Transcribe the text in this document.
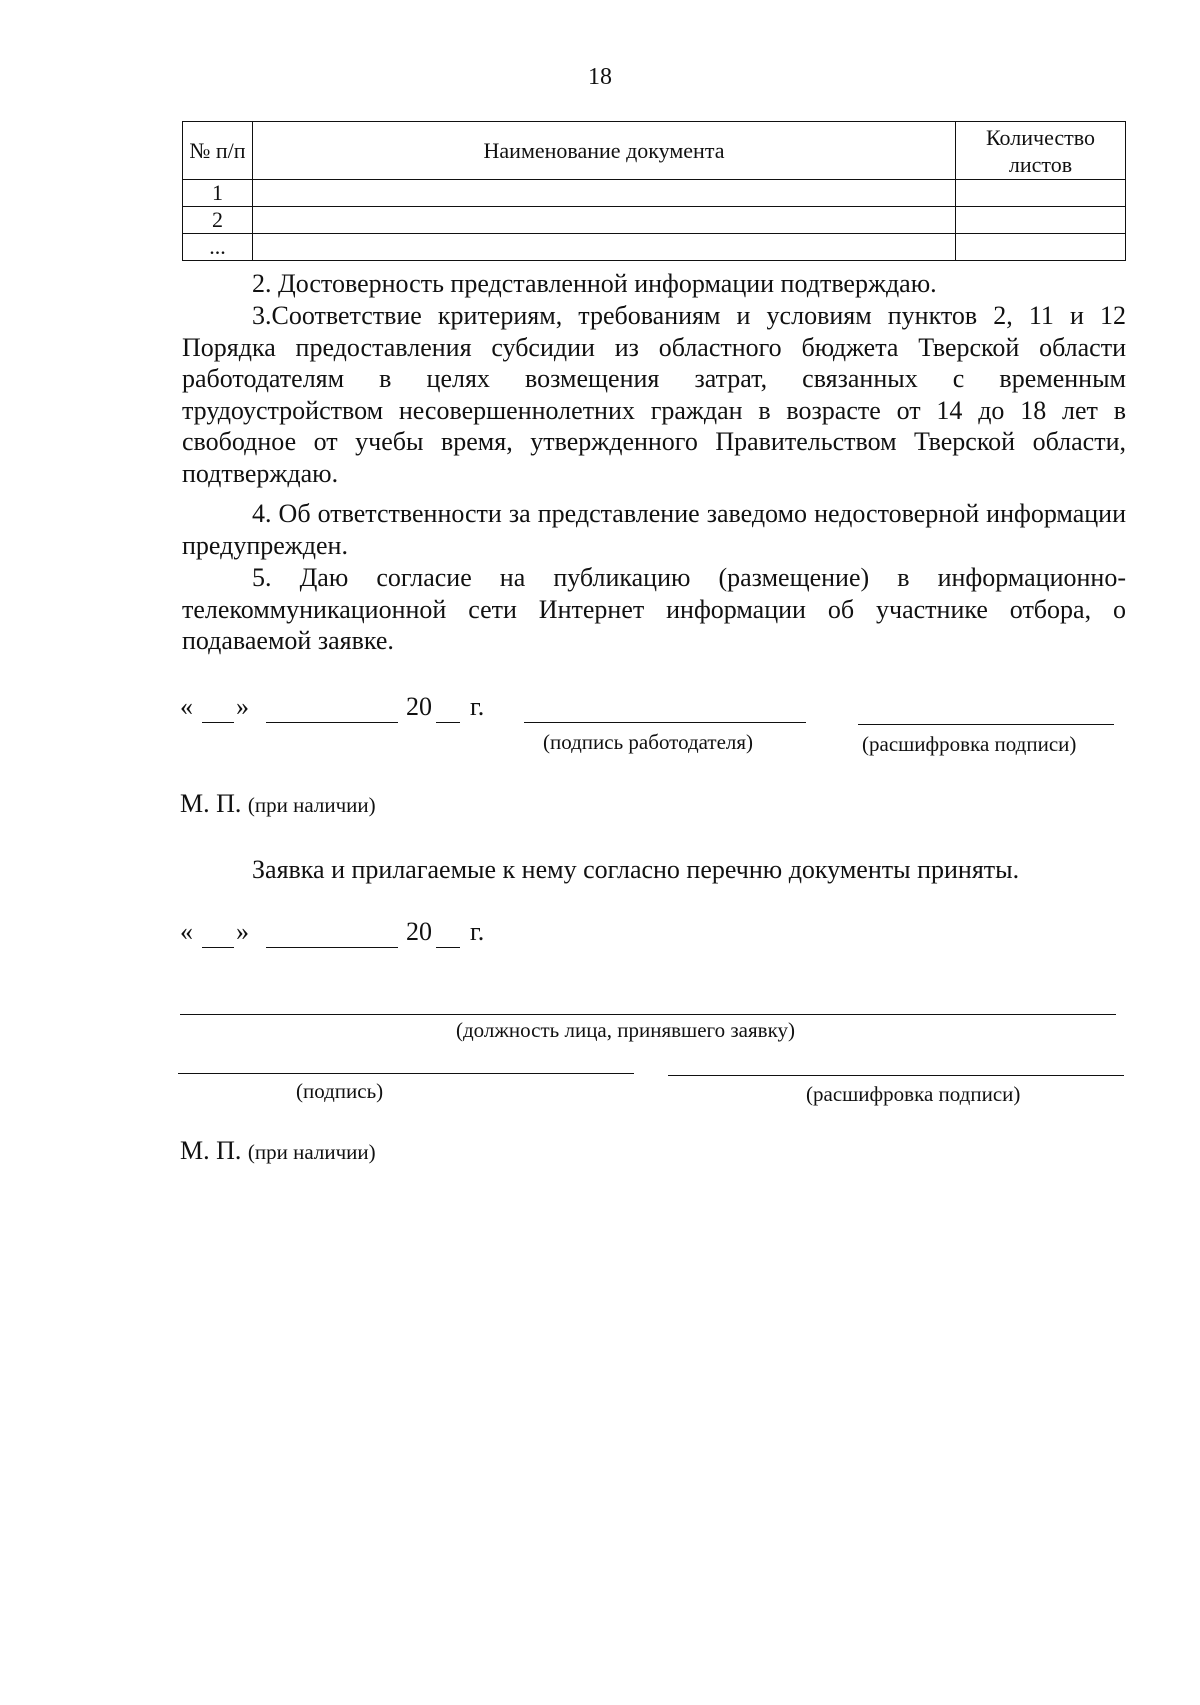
18
№ п/п	Наименование документа	Количество листов
1		
2		
...		

2. Достоверность представленной информации подтверждаю.

3.Соответствие критериям, требованиям и условиям пунктов 2, 11 и 12 Порядка предоставления субсидии из областного бюджета Тверской области работодателям в целях возмещения затрат, связанных с временным трудоустройством несовершеннолетних граждан в возрасте от 14 до 18 лет в свободное от учебы время, утвержденного Правительством Тверской области, подтверждаю.

4. Об ответственности за представление заведомо недостоверной информации предупрежден.

5. Даю согласие на публикацию (размещение) в информационно-телекоммуникационной сети Интернет информации об участнике отбора, о подаваемой заявке.

« »	20 г.
(подпись работодателя)	(расшифровка подписи)
М. П. (при наличии)
Заявка и прилагаемые к нему согласно перечню документы приняты.
« »	20 г.
(должность лица, принявшего заявку)
(подпись)	(расшифровка подписи)
М. П. (при наличии)
